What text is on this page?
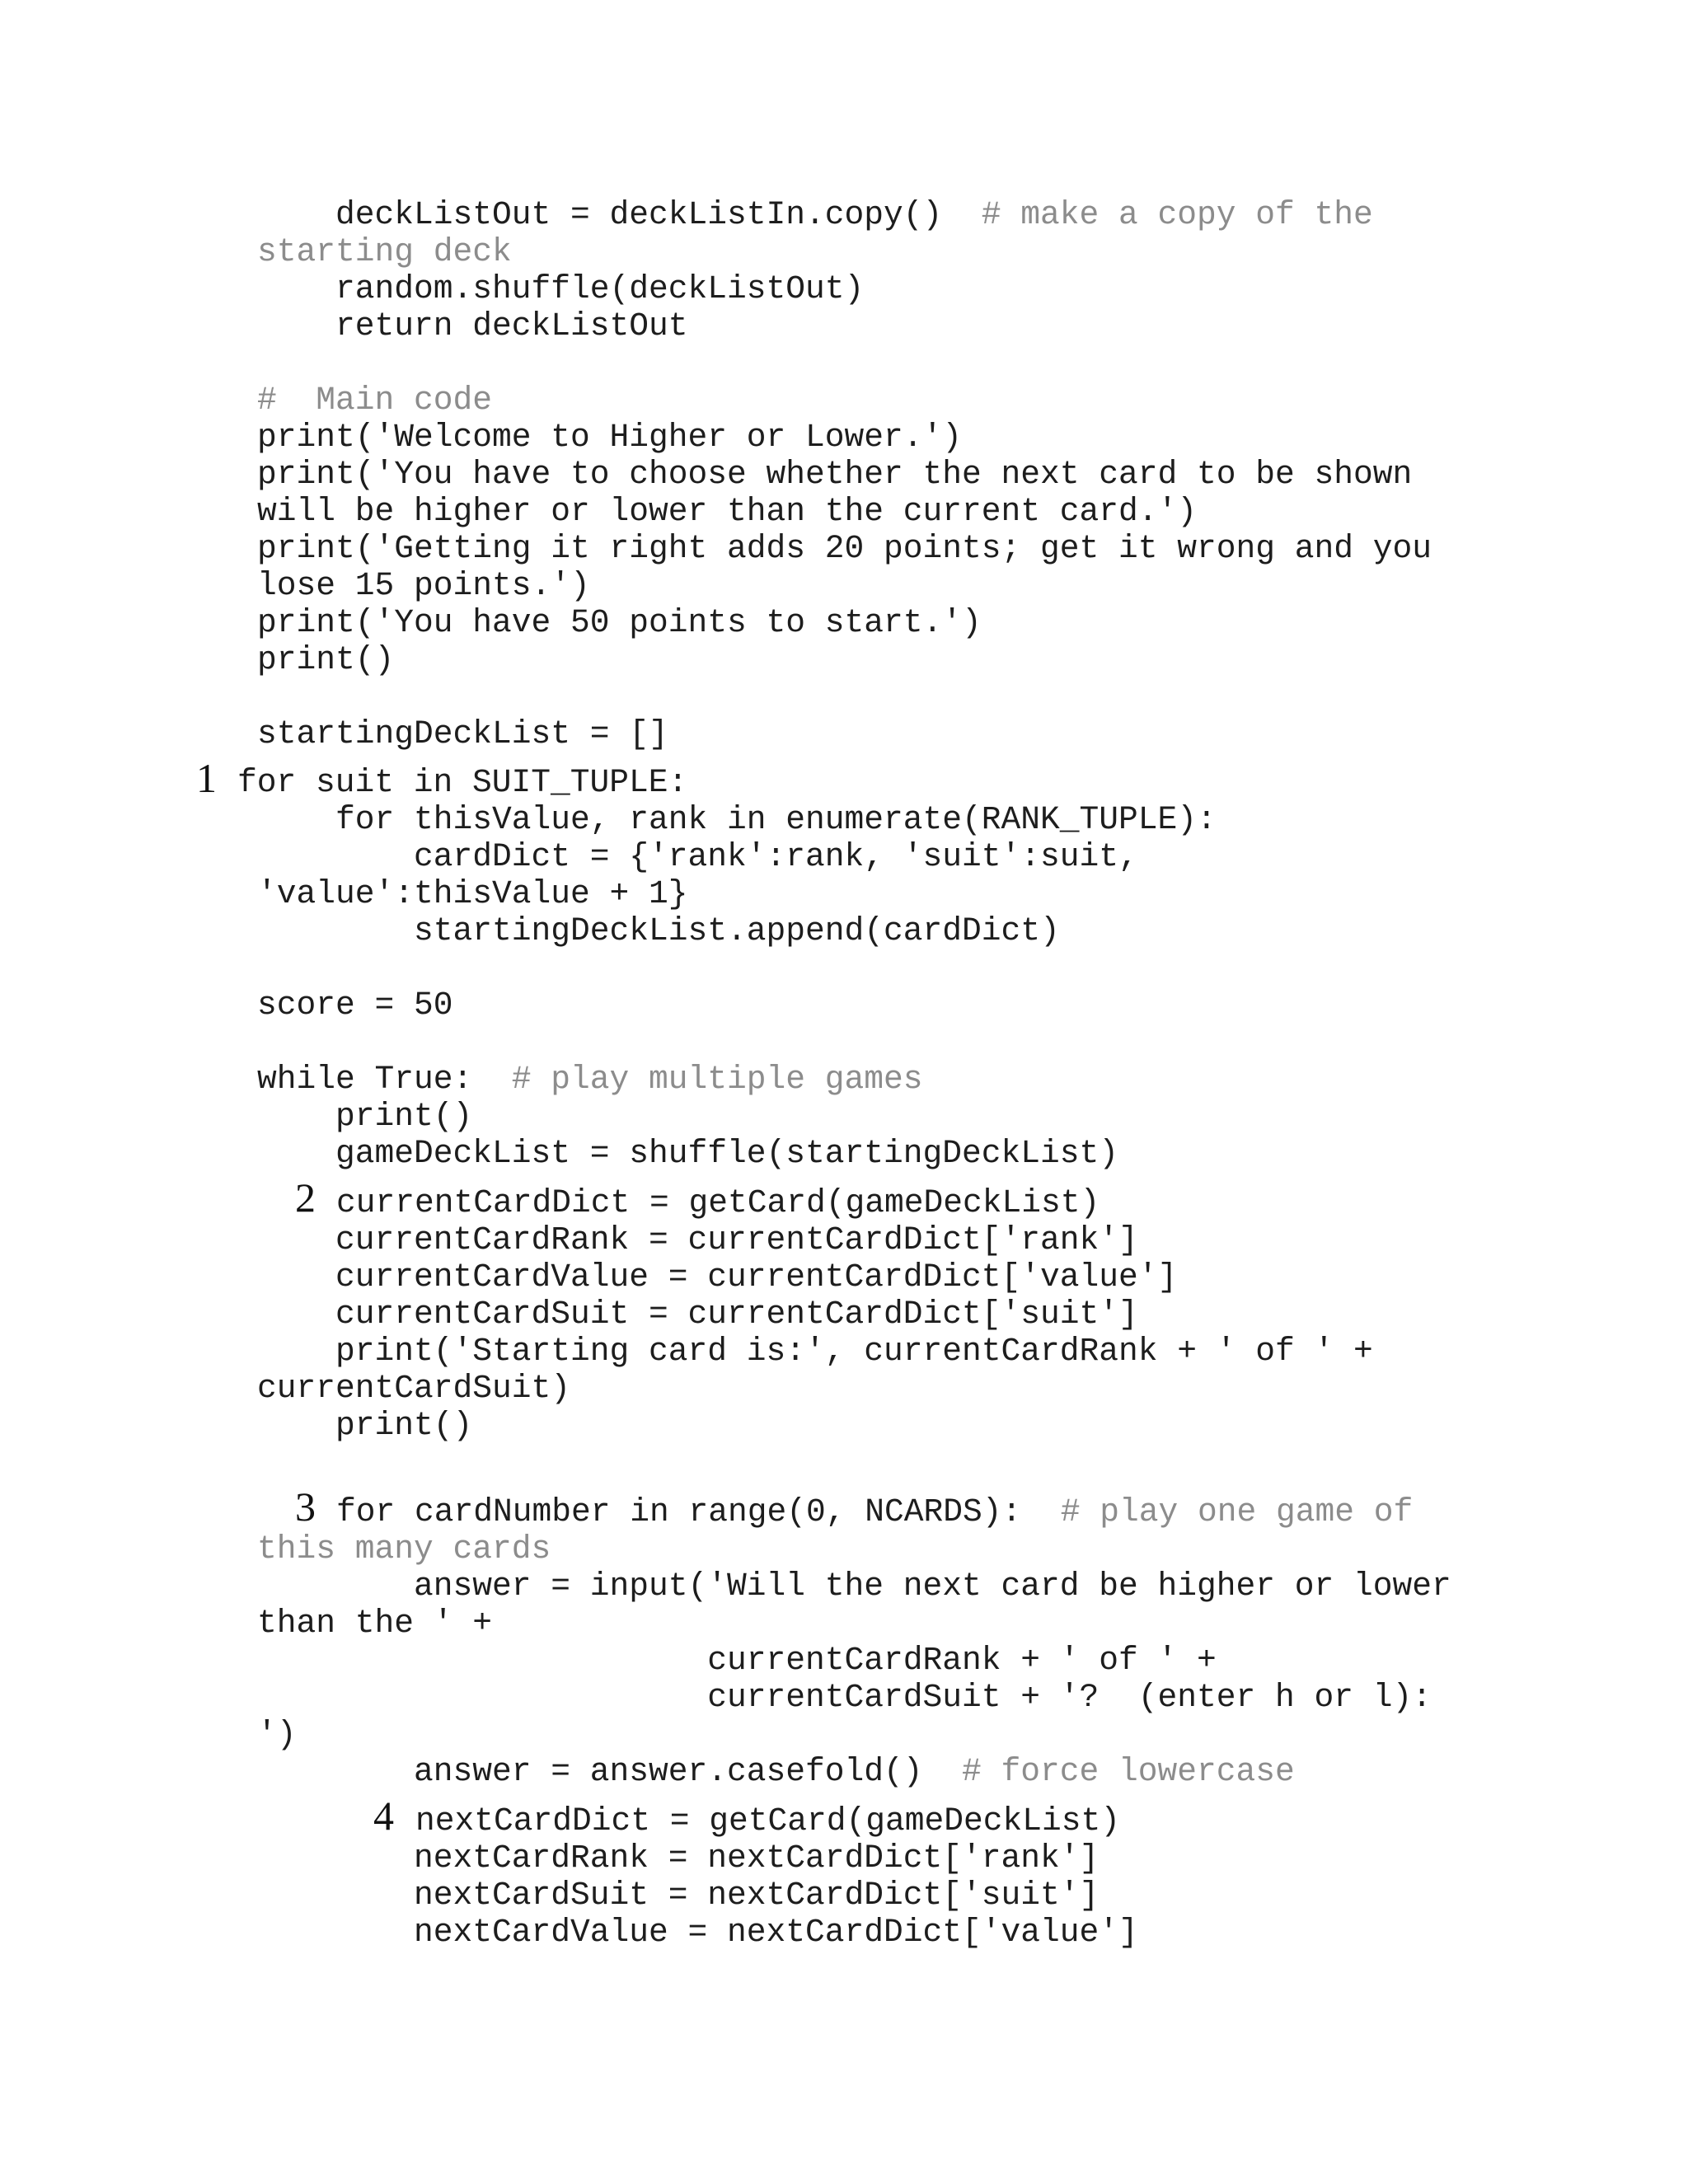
deckListOut = deckListIn.copy()  # make a copy of the
starting deck
random.shuffle(deckListOut)
return deckListOut
#  Main code
print('Welcome to Higher or Lower.')
print('You have to choose whether the next card to be shown
will be higher or lower than the current card.')
print('Getting it right adds 20 points; get it wrong and you
lose 15 points.')
print('You have 50 points to start.')
print()
startingDeckList = []
1 for suit in SUIT_TUPLE:
for thisValue, rank in enumerate(RANK_TUPLE):
cardDict = {'rank':rank, 'suit':suit,
'value':thisValue + 1}
startingDeckList.append(cardDict)
score = 50
while True:  # play multiple games
print()
gameDeckList = shuffle(startingDeckList)
2 currentCardDict = getCard(gameDeckList)
currentCardRank = currentCardDict['rank']
currentCardValue = currentCardDict['value']
currentCardSuit = currentCardDict['suit']
print('Starting card is:', currentCardRank + ' of ' +
currentCardSuit)
print()
3 for cardNumber in range(0, NCARDS):  # play one game of
this many cards
answer = input('Will the next card be higher or lower
than the ' +
currentCardRank + ' of ' +
currentCardSuit + '?  (enter h or l):
')
answer = answer.casefold()  # force lowercase
4 nextCardDict = getCard(gameDeckList)
nextCardRank = nextCardDict['rank']
nextCardSuit = nextCardDict['suit']
nextCardValue = nextCardDict['value']
